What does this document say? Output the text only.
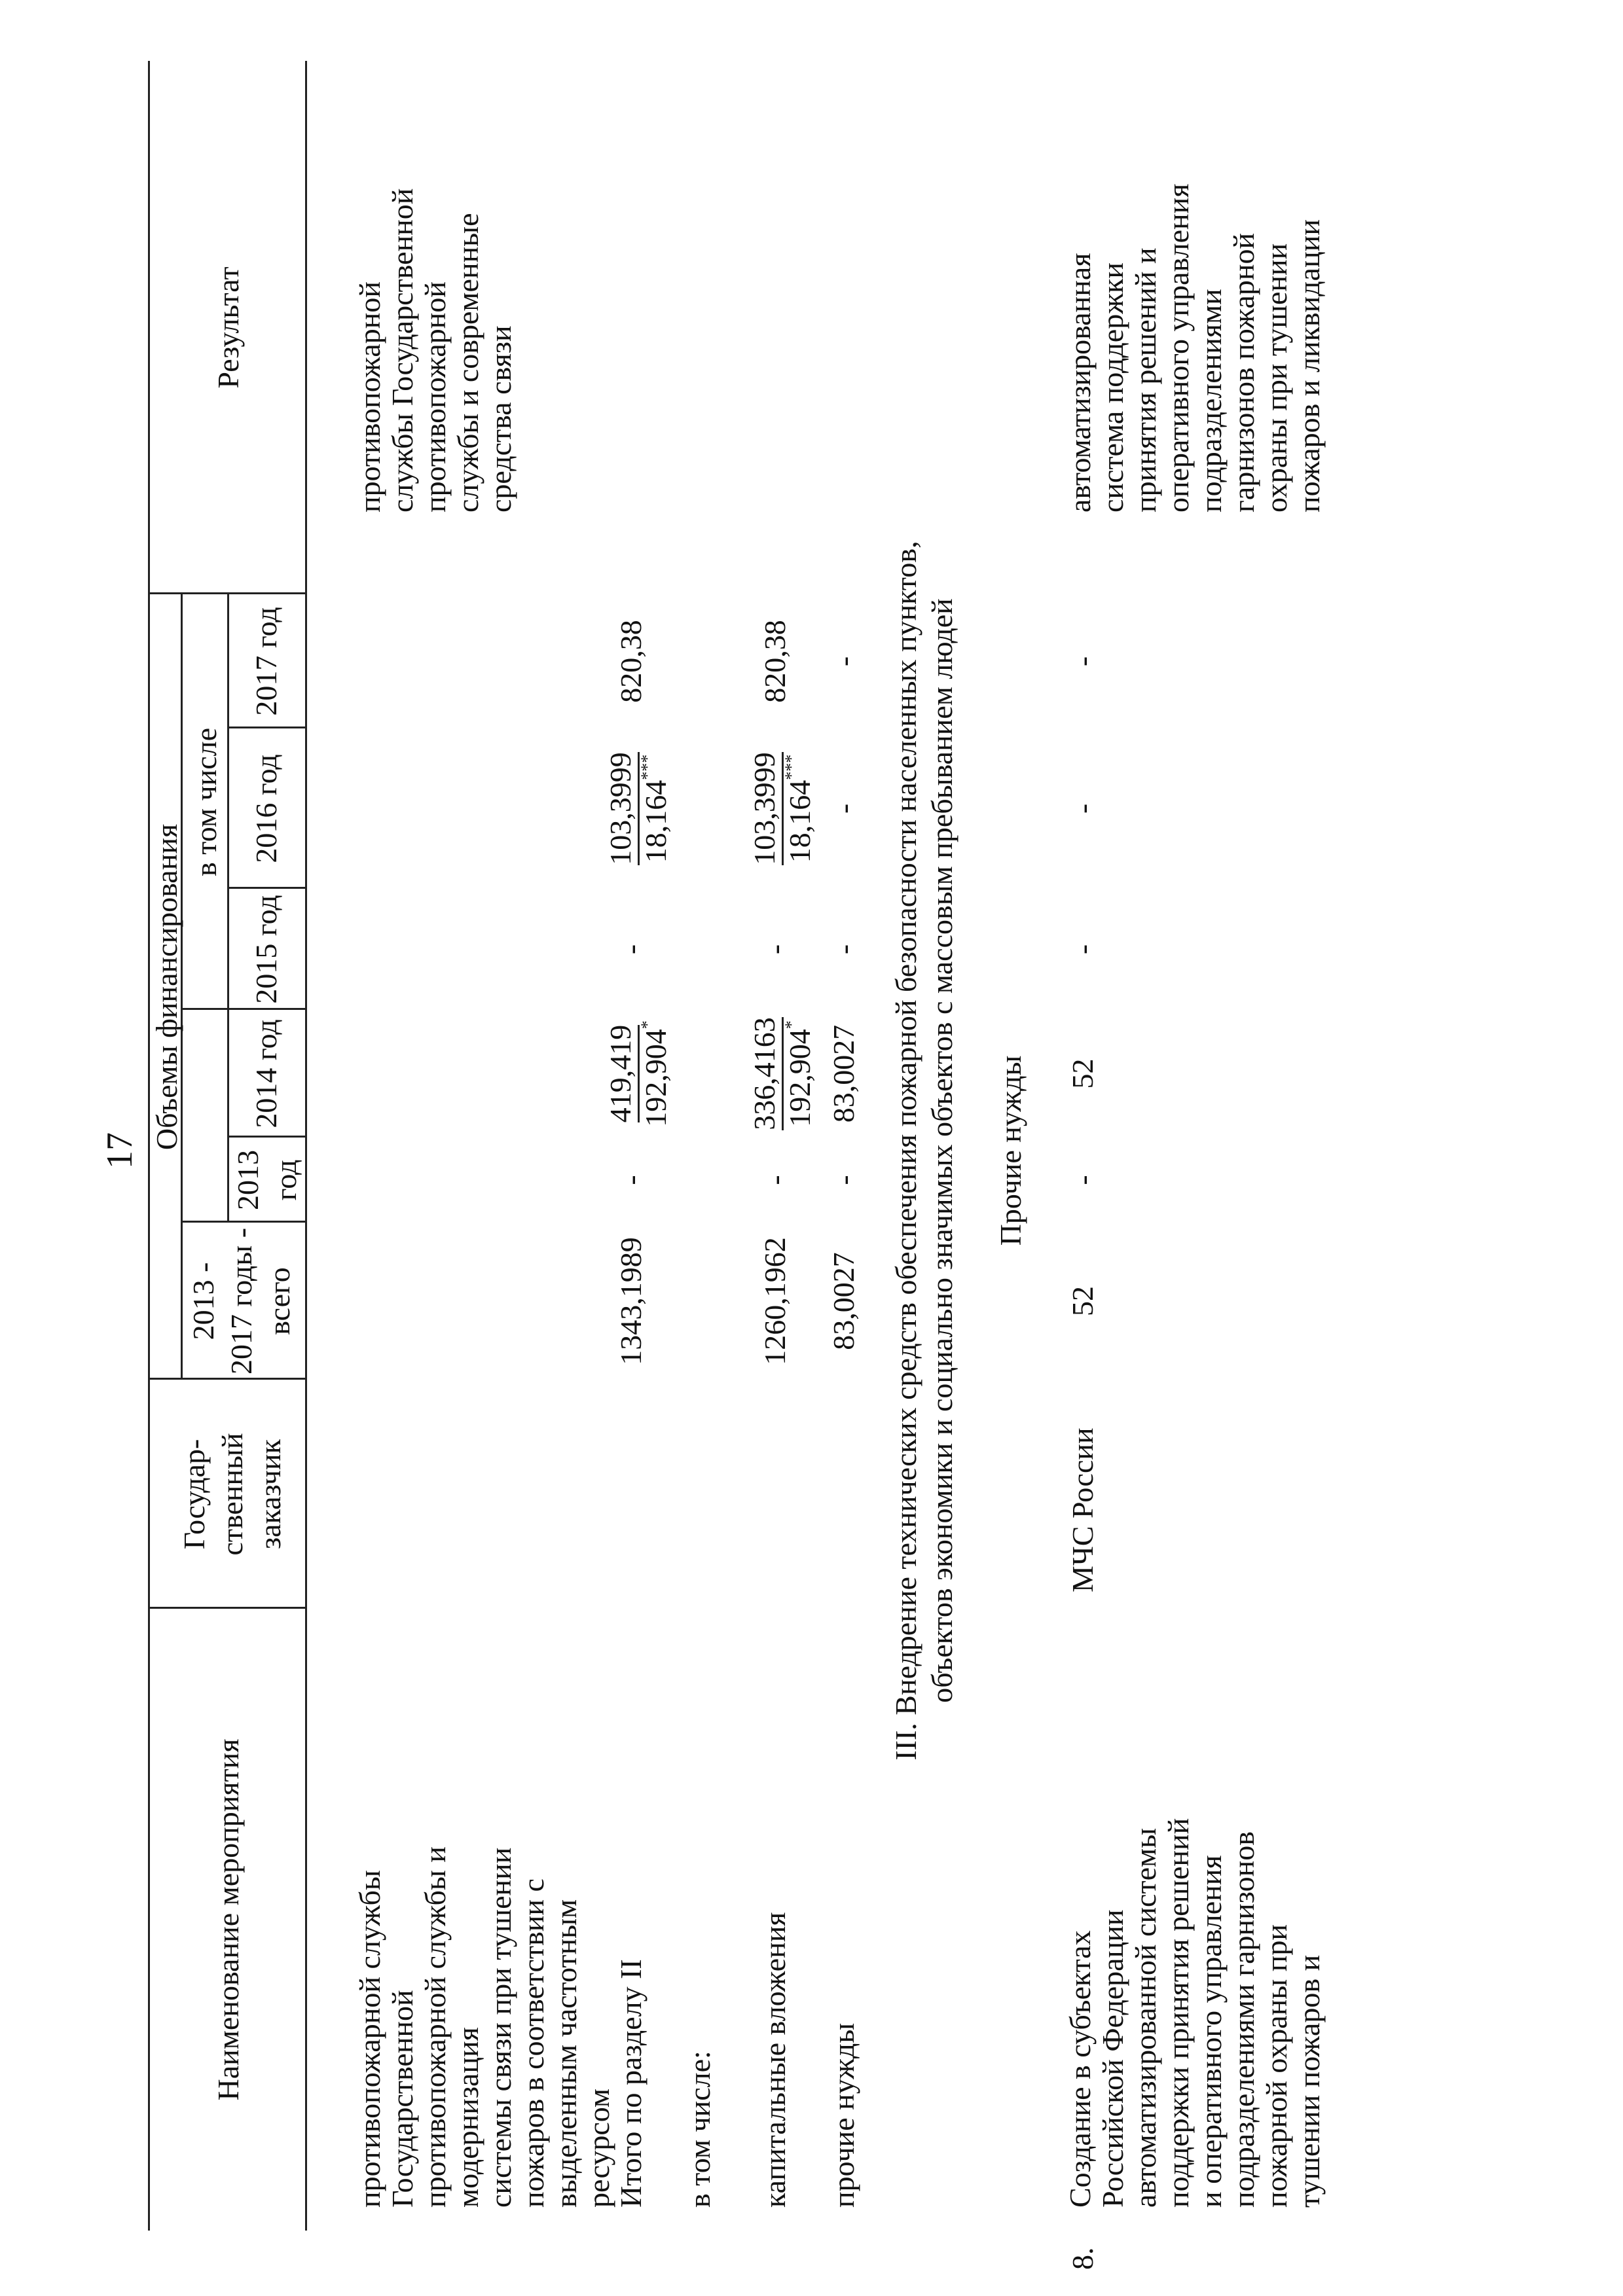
17
Наименование мероприятия
Государ-
ственный
заказчик
2013 -
2017 годы -
всего
Объемы финансирования
в том числе
2013
год
2014 год
2015 год
2016 год
2017 год
Результат
противопожарной службы
Государственной
противопожарной службы и
модернизация
системы связи при тушении
пожаров в соответствии с
выделенным частотным
ресурсом
противопожарной
службы Государственной
противопожарной
службы и современные
средства связи
Итого по разделу II
1343,1989
-
419,419
192,904*
-
103,3999
18,164***
820,38
в том числе: капитальные вложения
1260,1962
-
336,4163
192,904*
-
103,3999
18,164***
820,38
прочие нужды
83,0027
-
83,0027
-
-
- III. Внедрение технических средств обеспечения пожарной безопасности населенных пунктов, объектов экономики и социально значимых объектов с массовым пребыванием людей Прочие нужды
8.
Создание в субъектах
Российской Федерации
автоматизированной системы
поддержки принятия решений
и оперативного управления
подразделениями гарнизонов
пожарной охраны при
тушении пожаров и
МЧС России
52
-
52
-
-
-
автоматизированная
система поддержки
принятия решений и
оперативного управления
подразделениями
гарнизонов пожарной
охраны при тушении
пожаров и ликвидации
